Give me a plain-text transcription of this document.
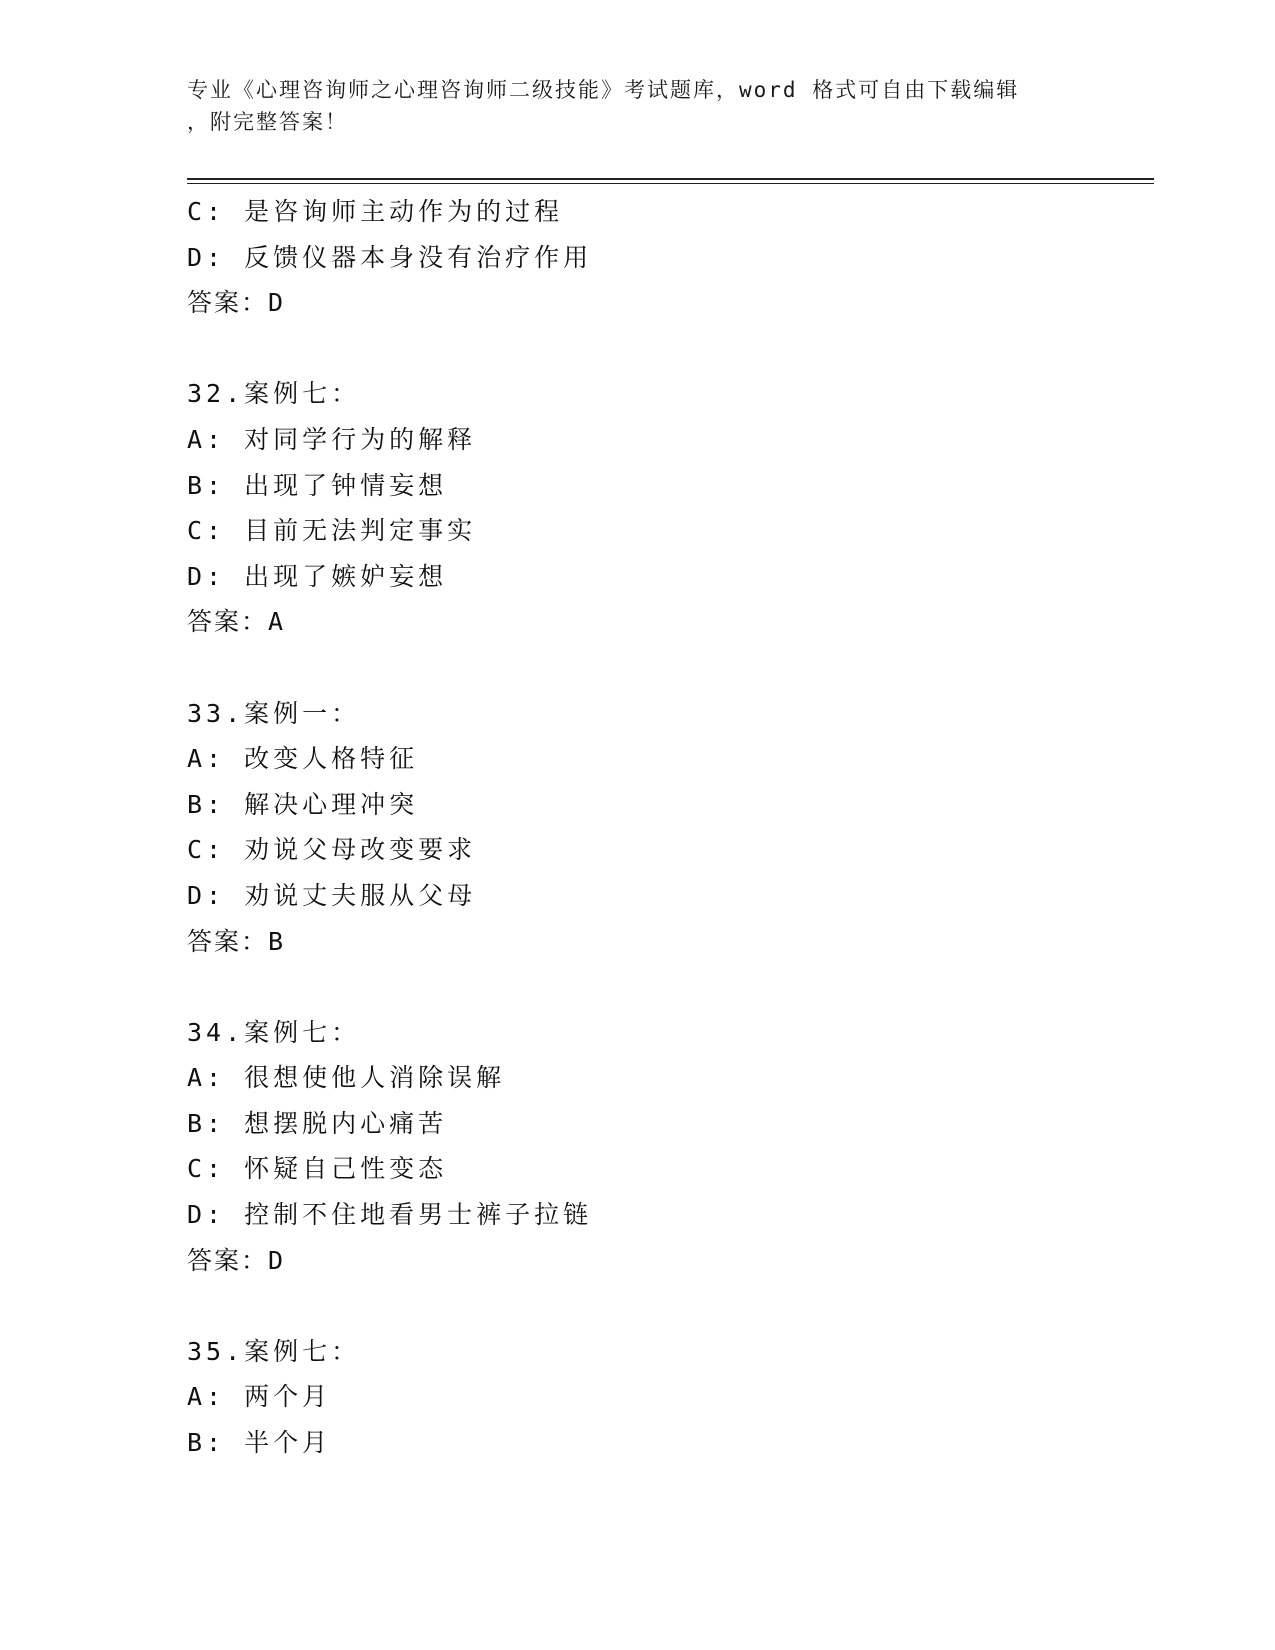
专业《心理咨询师之心理咨询师二级技能》考试题库，word 格式可自由下载编辑
，附完整答案！
C: 是咨询师主动作为的过程
D: 反馈仪器本身没有治疗作用
答案：D
32.案例七：
A: 对同学行为的解释
B: 出现了钟情妄想
C: 目前无法判定事实
D: 出现了嫉妒妄想
答案：A
33.案例一：
A: 改变人格特征
B: 解决心理冲突
C: 劝说父母改变要求
D: 劝说丈夫服从父母
答案：B
34.案例七：
A: 很想使他人消除误解
B: 想摆脱内心痛苦
C: 怀疑自己性变态
D: 控制不住地看男士裤子拉链
答案：D
35.案例七：
A: 两个月
B: 半个月
